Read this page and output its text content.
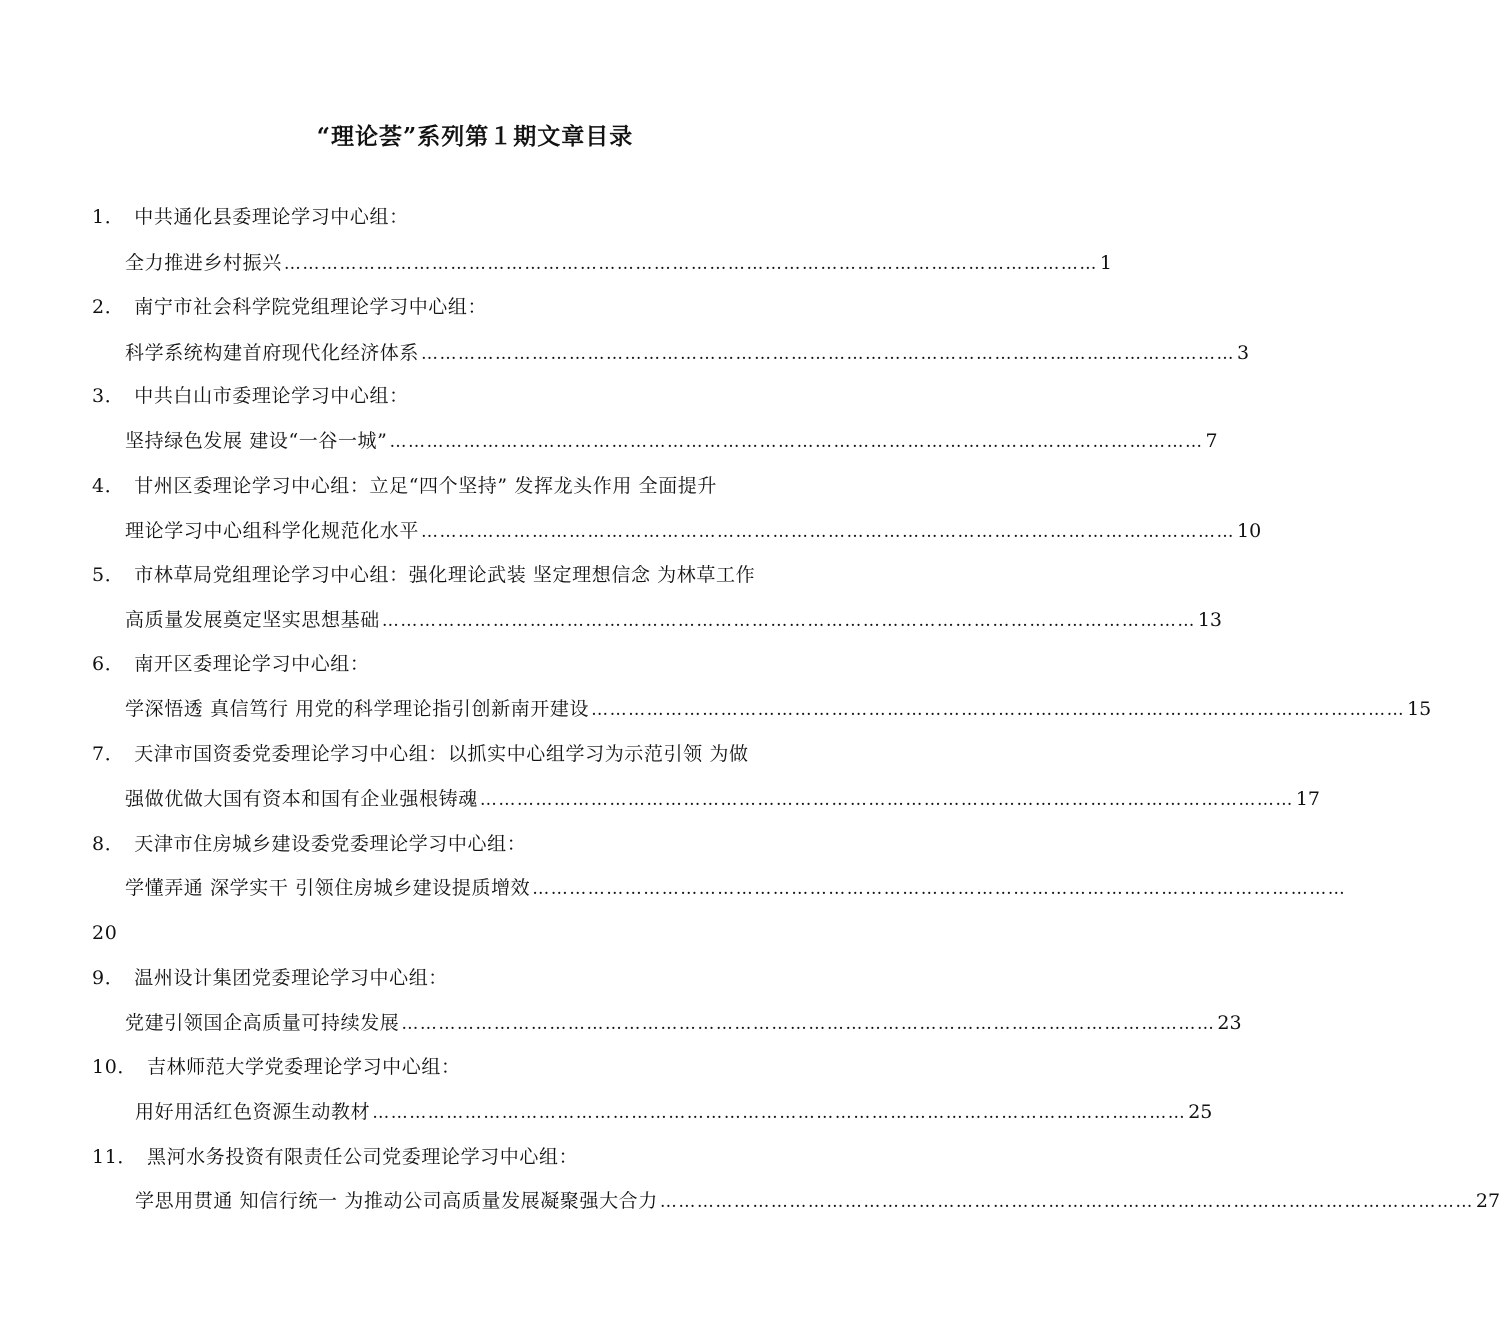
“理论荟”系列第１期文章目录
1． 中共通化县委理论学习中心组：
全力推进乡村振兴 …………………………………………………………………………………………………………………… 1
2． 南宁市社会科学院党组理论学习中心组：
科学系统构建首府现代化经济体系 …………………………………………………………………………………………………………………… 3
3． 中共白山市委理论学习中心组：
坚持绿色发展 建设“一谷一城” …………………………………………………………………………………………………………………… 7
4． 甘州区委理论学习中心组：立足“四个坚持” 发挥龙头作用 全面提升
理论学习中心组科学化规范化水平 …………………………………………………………………………………………………………………… 10
5． 市林草局党组理论学习中心组：强化理论武装 坚定理想信念 为林草工作
高质量发展奠定坚实思想基础 …………………………………………………………………………………………………………………… 13
6． 南开区委理论学习中心组：
学深悟透 真信笃行 用党的科学理论指引创新南开建设 …………………………………………………………………………………………………………………… 15
7． 天津市国资委党委理论学习中心组：以抓实中心组学习为示范引领 为做
强做优做大国有资本和国有企业强根铸魂 …………………………………………………………………………………………………………………… 17
8． 天津市住房城乡建设委党委理论学习中心组：
学懂弄通 深学实干 引领住房城乡建设提质增效 ……………………………………………………………………………………………………………………
20
9． 温州设计集团党委理论学习中心组：
党建引领国企高质量可持续发展 …………………………………………………………………………………………………………………… 23
10． 吉林师范大学党委理论学习中心组：
用好用活红色资源生动教材 …………………………………………………………………………………………………………………… 25
11． 黑河水务投资有限责任公司党委理论学习中心组：
学思用贯通 知信行统一 为推动公司高质量发展凝聚强大合力 …………………………………………………………………………………………………………………… 27
